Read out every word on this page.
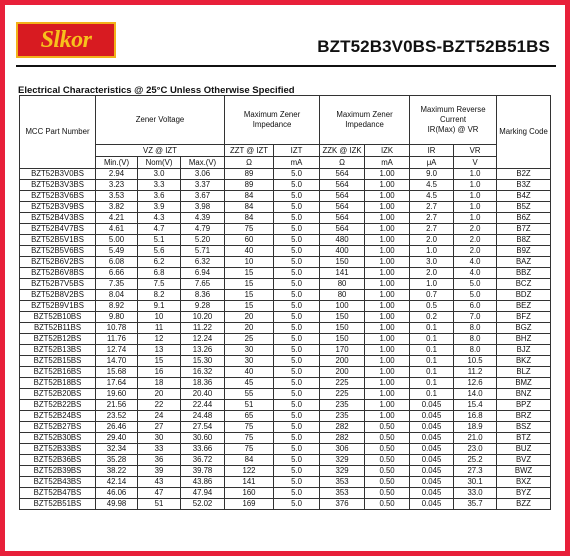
Slkor	BZT52B3V0BS-BZT52B51BS
Electrical Characteristics @ 25°C Unless Otherwise Specified
MCC Part Number	Zener Voltage			Maximum Zener Impedance		Maximum Zener Impedance		Maximum Reverse Current
IR(Max) @ VR		Marking Code
	VZ @ IZT			ZZT @ IZT	IZT	ZZK @ IZK	IZK	IR	VR	
	Min.(V)	Nom(V)	Max.(V)	Ω	mA	Ω	mA	μA	V	
BZT52B3V0BS	2.94	3.0	3.06	89	5.0	564	1.00	9.0	1.0	B2Z
BZT52B3V3BS	3.23	3.3	3.37	89	5.0	564	1.00	4.5	1.0	B3Z
BZT52B3V6BS	3.53	3.6	3.67	84	5.0	564	1.00	4.5	1.0	B4Z
BZT52B3V9BS	3.82	3.9	3.98	84	5.0	564	1.00	2.7	1.0	B5Z
BZT52B4V3BS	4.21	4.3	4.39	84	5.0	564	1.00	2.7	1.0	B6Z
BZT52B4V7BS	4.61	4.7	4.79	75	5.0	564	1.00	2.7	2.0	B7Z
BZT52B5V1BS	5.00	5.1	5.20	60	5.0	480	1.00	2.0	2.0	B8Z
BZT52B5V6BS	5.49	5.6	5.71	40	5.0	400	1.00	1.0	2.0	B9Z
BZT52B6V2BS	6.08	6.2	6.32	10	5.0	150	1.00	3.0	4.0	BAZ
BZT52B6V8BS	6.66	6.8	6.94	15	5.0	141	1.00	2.0	4.0	BBZ
BZT52B7V5BS	7.35	7.5	7.65	15	5.0	80	1.00	1.0	5.0	BCZ
BZT52B8V2BS	8.04	8.2	8.36	15	5.0	80	1.00	0.7	5.0	BDZ
BZT52B9V1BS	8.92	9.1	9.28	15	5.0	100	1.00	0.5	6.0	BEZ
BZT52B10BS	9.80	10	10.20	20	5.0	150	1.00	0.2	7.0	BFZ
BZT52B11BS	10.78	11	11.22	20	5.0	150	1.00	0.1	8.0	BGZ
BZT52B12BS	11.76	12	12.24	25	5.0	150	1.00	0.1	8.0	BHZ
BZT52B13BS	12.74	13	13.26	30	5.0	170	1.00	0.1	8.0	BJZ
BZT52B15BS	14.70	15	15.30	30	5.0	200	1.00	0.1	10.5	BKZ
BZT52B16BS	15.68	16	16.32	40	5.0	200	1.00	0.1	11.2	BLZ
BZT52B18BS	17.64	18	18.36	45	5.0	225	1.00	0.1	12.6	BMZ
BZT52B20BS	19.60	20	20.40	55	5.0	225	1.00	0.1	14.0	BNZ
BZT52B22BS	21.56	22	22.44	51	5.0	235	1.00	0.045	15.4	BPZ
BZT52B24BS	23.52	24	24.48	65	5.0	235	1.00	0.045	16.8	BRZ
BZT52B27BS	26.46	27	27.54	75	5.0	282	0.50	0.045	18.9	BSZ
BZT52B30BS	29.40	30	30.60	75	5.0	282	0.50	0.045	21.0	BTZ
BZT52B33BS	32.34	33	33.66	75	5.0	306	0.50	0.045	23.0	BUZ
BZT52B36BS	35.28	36	36.72	84	5.0	329	0.50	0.045	25.2	BVZ
BZT52B39BS	38.22	39	39.78	122	5.0	329	0.50	0.045	27.3	BWZ
BZT52B43BS	42.14	43	43.86	141	5.0	353	0.50	0.045	30.1	BXZ
BZT52B47BS	46.06	47	47.94	160	5.0	353	0.50	0.045	33.0	BYZ
BZT52B51BS	49.98	51	52.02	169	5.0	376	0.50	0.045	35.7	BZZ
